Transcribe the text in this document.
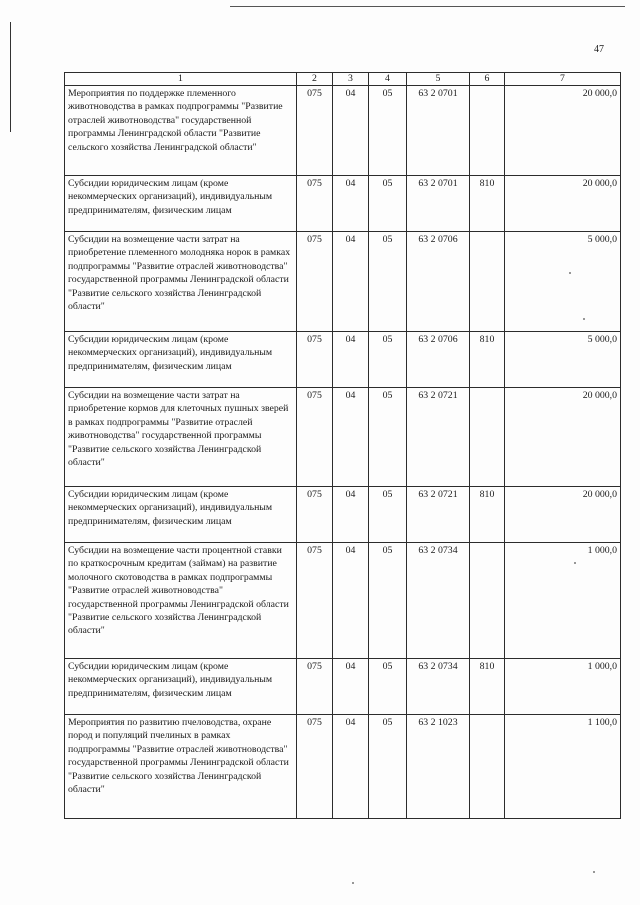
47
1	2	3	4	5	6	7
Мероприятия по поддержке племенного животноводства в рамках подпрограммы "Развитие отраслей животноводства" государственной программы Ленинградской области "Развитие сельского хозяйства Ленинградской области"	075	04	05	63 2 0701		20 000,0
Субсидии юридическим лицам (кроме некоммерческих организаций), индивидуальным предпринимателям, физическим лицам	075	04	05	63 2 0701	810	20 000,0
Субсидии на возмещение части затрат на приобретение племенного молодняка норок в рамках подпрограммы "Развитие отраслей животноводства" государственной программы Ленинградской области "Развитие сельского хозяйства Ленинградской области"	075	04	05	63 2 0706		5 000,0
Субсидии юридическим лицам (кроме некоммерческих организаций), индивидуальным предпринимателям, физическим лицам	075	04	05	63 2 0706	810	5 000,0
Субсидии на возмещение части затрат на приобретение кормов для клеточных пушных зверей в рамках подпрограммы "Развитие отраслей животноводства" государственной программы "Развитие сельского хозяйства Ленинградской области"	075	04	05	63 2 0721		20 000,0
Субсидии юридическим лицам (кроме некоммерческих организаций), индивидуальным предпринимателям, физическим лицам	075	04	05	63 2 0721	810	20 000,0
Субсидии на возмещение части процентной ставки по краткосрочным кредитам (займам) на развитие молочного скотоводства в рамках подпрограммы "Развитие отраслей животноводства" государственной программы Ленинградской области "Развитие сельского хозяйства Ленинградской области"	075	04	05	63 2 0734		1 000,0
Субсидии юридическим лицам (кроме некоммерческих организаций), индивидуальным предпринимателям, физическим лицам	075	04	05	63 2 0734	810	1 000,0
Мероприятия по развитию пчеловодства, охране пород и популяций пчелиных в рамках подпрограммы "Развитие отраслей животноводства" государственной программы Ленинградской области "Развитие сельского хозяйства Ленинградской области"	075	04	05	63 2 1023		1 100,0
